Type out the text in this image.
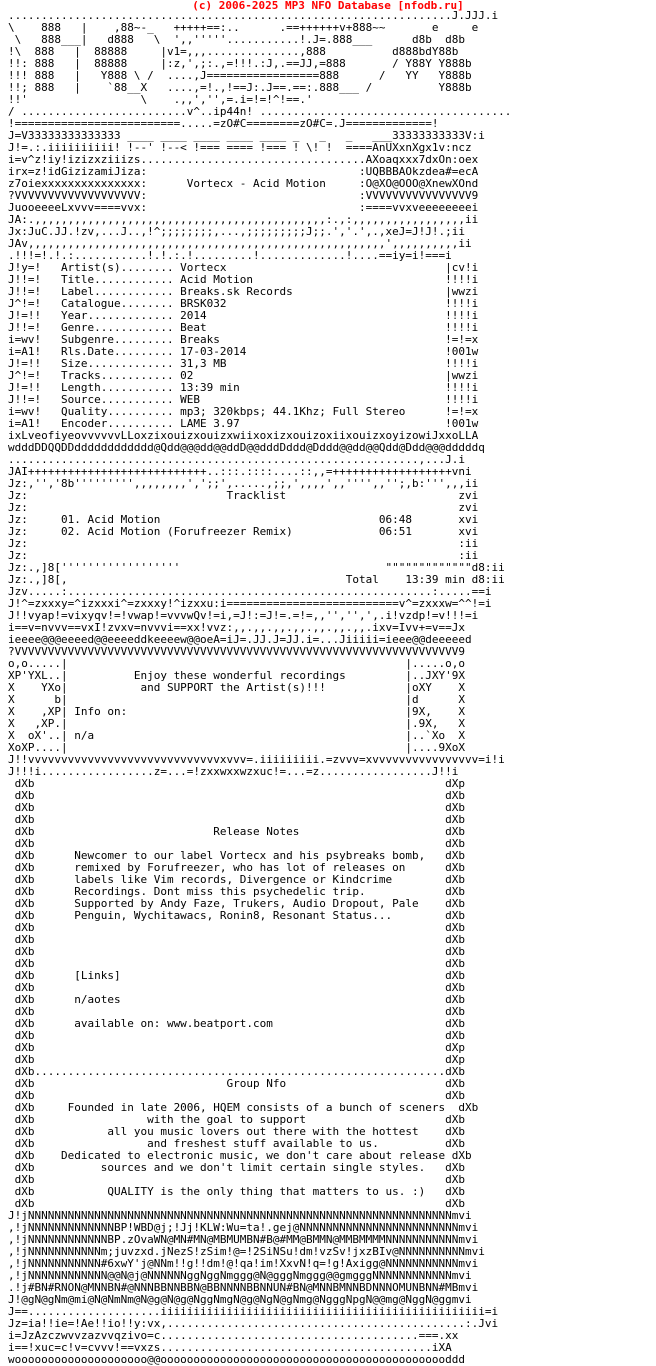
(c) 2006-2025 MP3 NFO Database [nfodb.ru]
...................................................................J.JJJ.i
\    888   |    ,88~-_   +++++==:..      .==++++++v+888~~       e     e
\   888___|   d888   \  ',,'''''...........!.J=.888___      d8b  d8b
!\  888   |  88888     |v1=,,,..............,888          d888bdY88b
!!: 888   |  88888     |:z,',;:.,=!!!.:J,.==JJ,=888       / Y88Y Y888b
!!! 888   |   Y888 \ /  ....,J=================888      /   YY   Y888b
!!; 888   |    `88__X   ....,=!.,!==J:.J==.==:.888___ /          Y888b
!!'                 \    .,,','',=.i=!=!^!==.'
/ .........................v^..ip44n! ......................................
!=========================.....=zO#C========zO#C=.J=============!
J=V33333333333333 ____ ____ ____ ____ ____ _   _   _   ___33333333333V:i
J!=.:.iiiiiiiiii! !--' !--< !=== ==== !=== ! \! !  ====AnUXxnXgx1v:ncz
i=v^z!iy!izizxziiizs..................................AXoaqxxx7dxOn:oex
irx=z!idGizizamiJiza:                                :UQBBBAOkzdea#=ecA
z7oiexxxxxxxxxxxxxxx:      Vortecx - Acid Motion     :O@XO@OOO@XnewXOnd
?VVVVVVVVVVVVVVVVVVV:                                :VVVVVVVVVVVVVVVV9
JuooeeeeLxvvv====vvx:                                :====vvxveeeeeeeei
JA:.,,,,,,,,,,,,,,,,,,,,,,,,,,,,,,,,,,,,,,,,,,,,:.,:,,,,,,,,,,,,,,,,,ii
Jx:JuC.JJ.!zv,...J..,!^;;;;;;;;,...,;;;;;;;;;J;;.','.',.,xeJ=J!J!.;ii
JAv,,,,,,,,,,,,,,,,,,,,,,,,,,,,,,,,,,,,,,,,,,,,,,,,,,,,,,',,,,,,,,,,ii
.!!!=!.!.:...........!.!.:.!.........!.............!....==iy=i!===i
J!y=!   Artist(s)........ Vortecx                                 |cv!i
J!!=!   Title............ Acid Motion                             !!!!i
J!!=!   Label............ Breaks.sk Records                       |wwzi
J^!=!   Catalogue........ BRSK032                                 !!!!i
J!=!!   Year............. 2014                                    !!!!i
J!!=!   Genre............ Beat                                    !!!!i
i=wv!   Subgenre......... Breaks                                  !=!=x
i=A1!   Rls.Date......... 17-03-2014                              !001w
J!=!!   Size............. 31,3 MB                                 !!!!i
J^!=!   Tracks........... 02                                      |wwzi
J!=!!   Length........... 13:39 min                               !!!!i
J!!=!   Source........... WEB                                     !!!!i
i=wv!   Quality.......... mp3; 320kbps; 44.1Khz; Full Stereo      !=!=x
i=A1!   Encoder.......... LAME 3.97                               !001w
ixLveofiyeovvvvvvLLoxzixouizxouizxwiixoxizxouizoxiixouizxoyizowiJxxoLLA
wdddDDQQDDdddddddddddd@Qdd@@@dd@@ddD@@dddDddd@Dddd@@dd@@Qdd@Ddd@@@dddddq
..............................................................,...J.i
JAI+++++++++++++++++++++++++++..:::.::::....::,,=++++++++++++++++++vni
Jz:,'','8b''''''''',,,,,,,,',';;',.....,;;,',,,,',,'''',,'';,b:''',,,ii
Jz:                              Tracklist                          zvi
Jz:                                                                 zvi
Jz:     01. Acid Motion                                 06:48       xvi
Jz:     02. Acid Motion (Forufreezer Remix)             06:51       xvi
Jz:                                                                 :ii
Jz:                                                                 :ii
Jz:.,]8[''''''''''''''''''                               """""""""""""d8:ii
Jz:.,]8[,                                          Total    13:39 min d8:ii
Jzv.....:.......................................................:.....==i
J!^=zxxxy=^izxxxi^=zxxxy!^izxxu:i==========================v^=zxxxw=^^!=i
J!!vyap!=vixyqv!=!vwap!=vvvwQv!=i,=J!:=J!=.=!=,,'','',',.i!vzdp!=v!!!=i
i==v=nvvv==vxI!zvxv=nvvvi==xx!vvz:,,.,,.,,.,,.,,.,,.,,.ixv=Ivv+=v==Jx
ieeee@@@eeeed@@eeeeddkeeeew@@oeA=iJ=.JJ.J=JJ.i=...Jiiiii=ieee@@deeeeed
?VVVVVVVVVVVVVVVVVVVVVVVVVVVVVVVVVVVVVVVVVVVVVVVVVVVVVVVVVVVVVVVVVVV9
o,o.....|                                                   |.....o,o
XP'YXL..|          Enjoy these wonderful recordings         |..JXY'9X
X    YXo|           and SUPPORT the Artist(s)!!!            |oXY    X
X      b|                                                   |d      X
X    ,XP| Info on:                                          |9X,    X
X   ,XP.|                                                   |.9X,   X
X  oX'..| n/a                                               |..`Xo  X
XoXP....|                                                   |....9XoX
J!!vvvvvvvvvvvvvvvvvvvvvvvvvvvvvxvvv=.iiiiiiiii.=zvvv=xvvvvvvvvvvvvvvvv=i!i
J!!!i.................z=...=!zxxwxxwzxuc!=...=z.................J!!i
dXb                                                              dXp
dXb                                                              dXb
dXb                                                              dXb
dXb                                                              dXb
dXb                           Release Notes                      dXb
dXb                                                              dXb
dXb      Newcomer to our label Vortecx and his psybreaks bomb,   dXb
dXb      remixed by Forufreezer, who has lot of releases on      dXb
dXb      labels like Vim records, Divergence or Kindcrime        dXb
dXb      Recordings. Dont miss this psychedelic trip.            dXb
dXb      Supported by Andy Faze, Trukers, Audio Dropout, Pale    dXb
dXb      Penguin, Wychitawacs, Ronin8, Resonant Status...        dXb
dXb                                                              dXb
dXb                                                              dXb
dXb                                                              dXb
dXb                                                              dXb
dXb      [Links]                                                 dXb
dXb                                                              dXb
dXb      n/aotes                                                 dXb
dXb                                                              dXb
dXb      available on: www.beatport.com                          dXb
dXb                                                              dXb
dXb                                                              dXp
dXb                                                              dXp
dXb..............................................................dXb
dXb                             Group Nfo                        dXb
dXb                                                              dXb
dXb     Founded in late 2006, HQEM consists of a bunch of sceners  dXb
dXb                 with the goal to support                     dXb
dXb           all you music lovers out there with the hottest    dXb
dXb                 and freshest stuff available to us.          dXb
dXb    Dedicated to electronic music, we don't care about release dXb
dXb          sources and we don't limit certain single styles.   dXb
dXb                                                              dXb
dXb           QUALITY is the only thing that matters to us. :)   dXb
dXb                                                              dXb
J!jNNNNNNNNNNNNNNNNNNNNNNNNNNNNNNNNNNNNNNNNNNNNNNNNNNNNNNNNNNNNNNNNmvi
,!jNNNNNNNNNNNNNBP!WBD@j;!Jj!KLW:Wu=ta!.gej@NNNNNNNNNNNNNNNNNNNNNNNNmvi
,!jNNNNNNNNNNNNBP.zOvaWN@MN#MN@MBMUMBN#B@#MM@BMMN@MMBMMMMNNNNNNNNNNNmvi
,!jNNNNNNNNNNNm;juvzxd.jNezS!zSim!@=!2SiNSu!dm!vzSv!jxzBIv@NNNNNNNNNNmvi
,!jNNNNNNNNNNN#6xwY'j@NNm!!g!!dm!@!qa!im!XxvN!q=!g!Axigg@NNNNNNNNNNNmvi
,!jNNNNNNNNNNNN@@N@j@NNNNNNggNggNmggg@N@gggNmggg@@gmgggNNNNNNNNNNNNmvi
.!j#BN#RNON@MNNBN#@NNNBBNNBBN@BBNNNNBBNNUN#BN@MNNBMNNBDNNNOMUNBNN#MBmvi
J!@gN@gNm@mi@N@NmNm@N@g@N@g@NggNmgN@g@NgN@gNmg@NgggNpgN@@mg@NggN@ggmvi
J==....................iiiiiiiiiiiiiiiiiiiiiiiiiiiiiiiiiiiiiiiiiiiiiiiii=i
Jz=ia!!ie=!Ae!!io!!y:vx,.............................................:.Jvi
i=JzAzczwvvzazvvqzivo=c.......................................===.xx
i==!xuc=c!v=cvvv!==vxzs.........................................iXA
woooooooooooooooooooo@@oooooooooooooooooooooooooooooooooooooooooooddd
